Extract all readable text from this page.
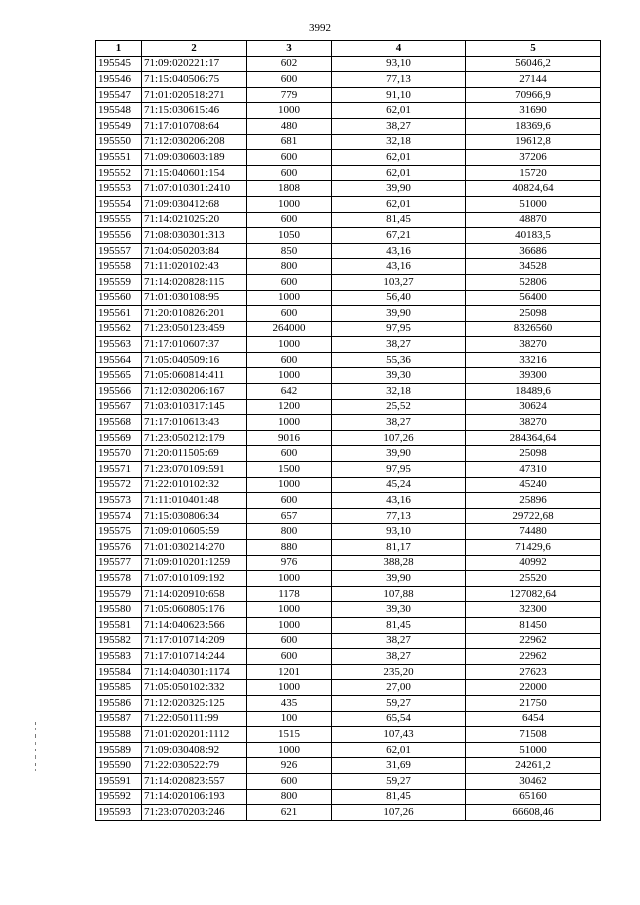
3992
1	2	3	4	5
195545	71:09:020221:17	602	93,10	56046,2
195546	71:15:040506:75	600	77,13	27144
195547	71:01:020518:271	779	91,10	70966,9
195548	71:15:030615:46	1000	62,01	31690
195549	71:17:010708:64	480	38,27	18369,6
195550	71:12:030206:208	681	32,18	19612,8
195551	71:09:030603:189	600	62,01	37206
195552	71:15:040601:154	600	62,01	15720
195553	71:07:010301:2410	1808	39,90	40824,64
195554	71:09:030412:68	1000	62,01	51000
195555	71:14:021025:20	600	81,45	48870
195556	71:08:030301:313	1050	67,21	40183,5
195557	71:04:050203:84	850	43,16	36686
195558	71:11:020102:43	800	43,16	34528
195559	71:14:020828:115	600	103,27	52806
195560	71:01:030108:95	1000	56,40	56400
195561	71:20:010826:201	600	39,90	25098
195562	71:23:050123:459	264000	97,95	8326560
195563	71:17:010607:37	1000	38,27	38270
195564	71:05:040509:16	600	55,36	33216
195565	71:05:060814:411	1000	39,30	39300
195566	71:12:030206:167	642	32,18	18489,6
195567	71:03:010317:145	1200	25,52	30624
195568	71:17:010613:43	1000	38,27	38270
195569	71:23:050212:179	9016	107,26	284364,64
195570	71:20:011505:69	600	39,90	25098
195571	71:23:070109:591	1500	97,95	47310
195572	71:22:010102:32	1000	45,24	45240
195573	71:11:010401:48	600	43,16	25896
195574	71:15:030806:34	657	77,13	29722,68
195575	71:09:010605:59	800	93,10	74480
195576	71:01:030214:270	880	81,17	71429,6
195577	71:09:010201:1259	976	388,28	40992
195578	71:07:010109:192	1000	39,90	25520
195579	71:14:020910:658	1178	107,88	127082,64
195580	71:05:060805:176	1000	39,30	32300
195581	71:14:040623:566	1000	81,45	81450
195582	71:17:010714:209	600	38,27	22962
195583	71:17:010714:244	600	38,27	22962
195584	71:14:040301:1174	1201	235,20	27623
195585	71:05:050102:332	1000	27,00	22000
195586	71:12:020325:125	435	59,27	21750
195587	71:22:050111:99	100	65,54	6454
195588	71:01:020201:1112	1515	107,43	71508
195589	71:09:030408:92	1000	62,01	51000
195590	71:22:030522:79	926	31,69	24261,2
195591	71:14:020823:557	600	59,27	30462
195592	71:14:020106:193	800	81,45	65160
195593	71:23:070203:246	621	107,26	66608,46
